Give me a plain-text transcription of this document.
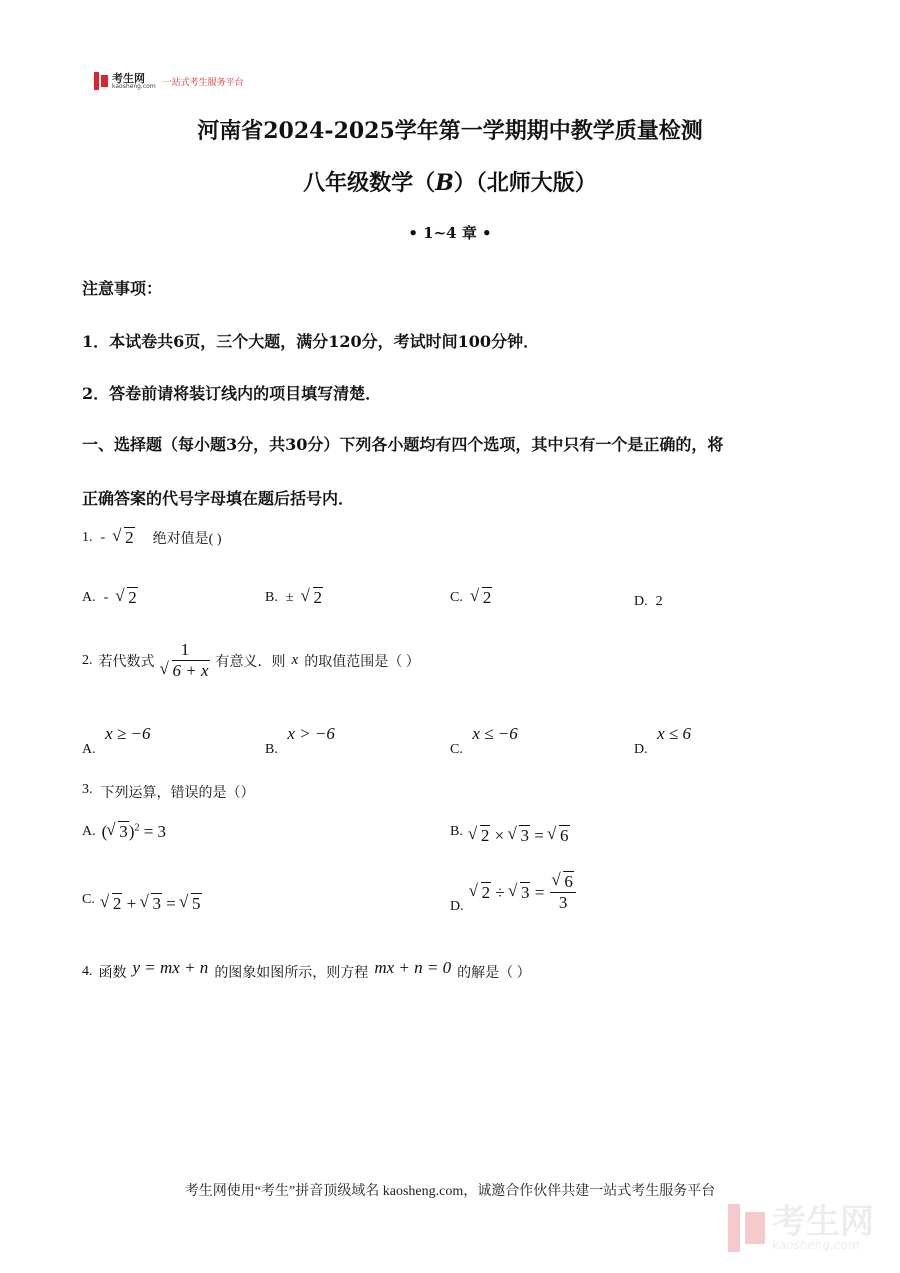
考生网
kaosheng.com 一站式考生服务平台
河南省2024-2025学年第一学期期中教学质量检测
八年级数学（B）（北师大版）
• 1~4 章 •
注意事项：
1．本试卷共6页，三个大题，满分120分，考试时间100分钟．
2．答卷前请将装订线内的项目填写清楚．
一、选择题（每小题3分，共30分）下列各小题均有四个选项，其中只有一个是正确的，将
正确答案的代号字母填在题后括号内．
1. -	√ 2 绝对值是( )
A. -	√ 2	B. ±	√ 2	C.	√ 2	D. 2
2. 若代数式 1
√ 6 + x 有意义．则 x 的取值范围是（ ）
A. x ≥ −6
B. x > −6
C. x ≤ −6
D. x ≤ 6
3. 下列运算，错误的是（）
A. ( √ 3)$^2$ = 3	B.	√ 2 × √ 3 = √ 6
C.	√ 2 + √ 3 = √ 5	D.
√ 2 ÷ √ 3 = √ $\frac{6}{3}$
4. 函数 y = mx + n 的图象如图所示，则方程 mx + n = 0 的解是（ ）
考生网使用“考生”拼音顶级域名 kaosheng.com，诚邀合作伙伴共建一站式考生服务平台
考生网
kaosheng.com
